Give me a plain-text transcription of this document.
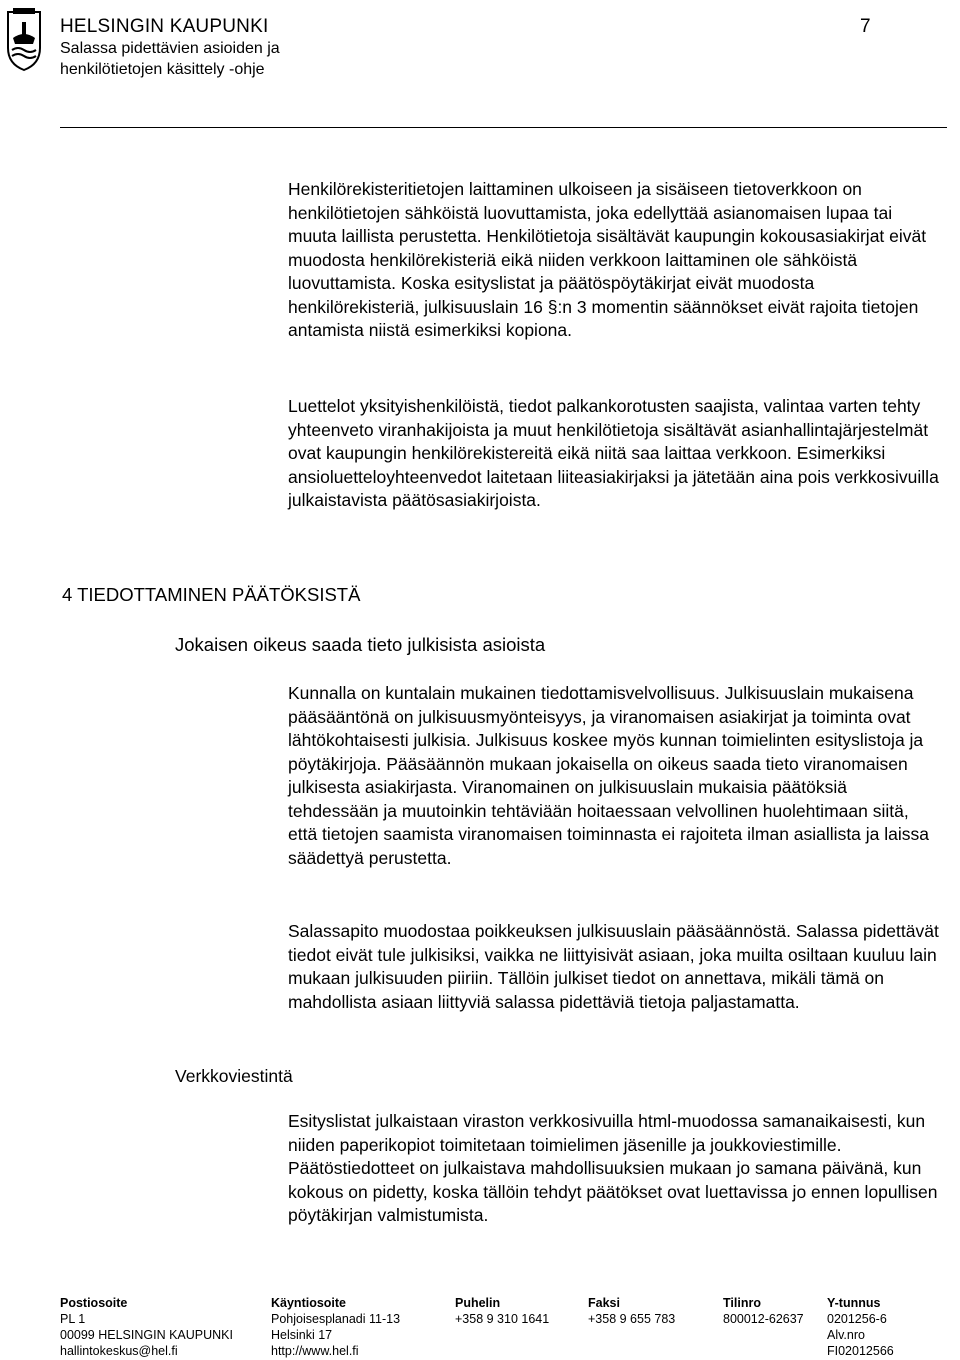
HELSINGIN KAUPUNKI
Salassa pidettävien asioiden ja
henkilötietojen käsittely -ohje
7

Henkilörekisteritietojen laittaminen ulkoiseen ja sisäiseen tietoverkkoon on henkilötietojen sähköistä luovuttamista, joka edellyttää asianomaisen lupaa tai muuta laillista perustetta. Henkilötietoja sisältävät kaupungin kokousasiakirjat eivät muodosta henkilörekisteriä eikä niiden verkkoon laittaminen ole sähköistä luovuttamista. Koska esityslistat ja päätöspöytäkirjat eivät muodosta henkilörekisteriä, julkisuuslain 16 §:n 3 momentin säännökset eivät rajoita tietojen antamista niistä esimerkiksi kopiona.

Luettelot yksityishenkilöistä, tiedot palkankorotusten saajista, valintaa varten tehty yhteenveto viranhakijoista ja muut henkilötietoja sisältävät asianhallintajärjestelmät ovat kaupungin henkilörekistereitä eikä niitä saa laittaa verkkoon. Esimerkiksi ansioluetteloyhteenvedot laitetaan liiteasiakirjaksi ja jätetään aina pois verkkosivuilla julkaistavista päätösasiakirjoista.

4 TIEDOTTAMINEN PÄÄTÖKSISTÄ
Jokaisen oikeus saada tieto julkisista asioista

Kunnalla on kuntalain mukainen tiedottamisvelvollisuus. Julkisuuslain mukaisena pääsääntönä on julkisuusmyönteisyys, ja viranomaisen asiakirjat ja toiminta ovat lähtökohtaisesti julkisia. Julkisuus koskee myös kunnan toimielinten esityslistoja ja pöytäkirjoja. Pääsäännön mukaan jokaisella on oikeus saada tieto viranomaisen julkisesta asiakirjasta. Viranomainen on julkisuuslain mukaisia päätöksiä tehdessään ja muutoinkin tehtäviään hoitaessaan velvollinen huolehtimaan siitä, että tietojen saamista viranomaisen toiminnasta ei rajoiteta ilman asiallista ja laissa säädettyä perustetta.

Salassapito muodostaa poikkeuksen julkisuuslain pääsäännöstä. Salassa pidettävät tiedot eivät tule julkisiksi, vaikka ne liittyisivät asiaan, joka muilta osiltaan kuuluu lain mukaan julkisuuden piiriin. Tällöin julkiset tiedot on annettava, mikäli tämä on mahdollista asiaan liittyviä salassa pidettäviä tietoja paljastamatta.

Verkkoviestintä

Esityslistat julkaistaan viraston verkkosivuilla html-muodossa samanaikaisesti, kun niiden paperikopiot toimitetaan toimielimen jäsenille ja joukkoviestimille. Päätöstiedotteet on julkaistava mahdollisuuksien mukaan jo samana päivänä, kun kokous on pidetty, koska tällöin tehdyt päätökset ovat luettavissa jo ennen lopullisen pöytäkirjan valmistumista.

Postiosoite
PL 1
00099 HELSINGIN KAUPUNKI
hallintokeskus@hel.fi
Käyntiosoite
Pohjoisesplanadi 11-13
Helsinki 17
http://www.hel.fi
Puhelin
+358 9 310 1641
Faksi
+358 9 655 783
Tilinro
800012-62637
Y-tunnus
0201256-6
Alv.nro
FI02012566
